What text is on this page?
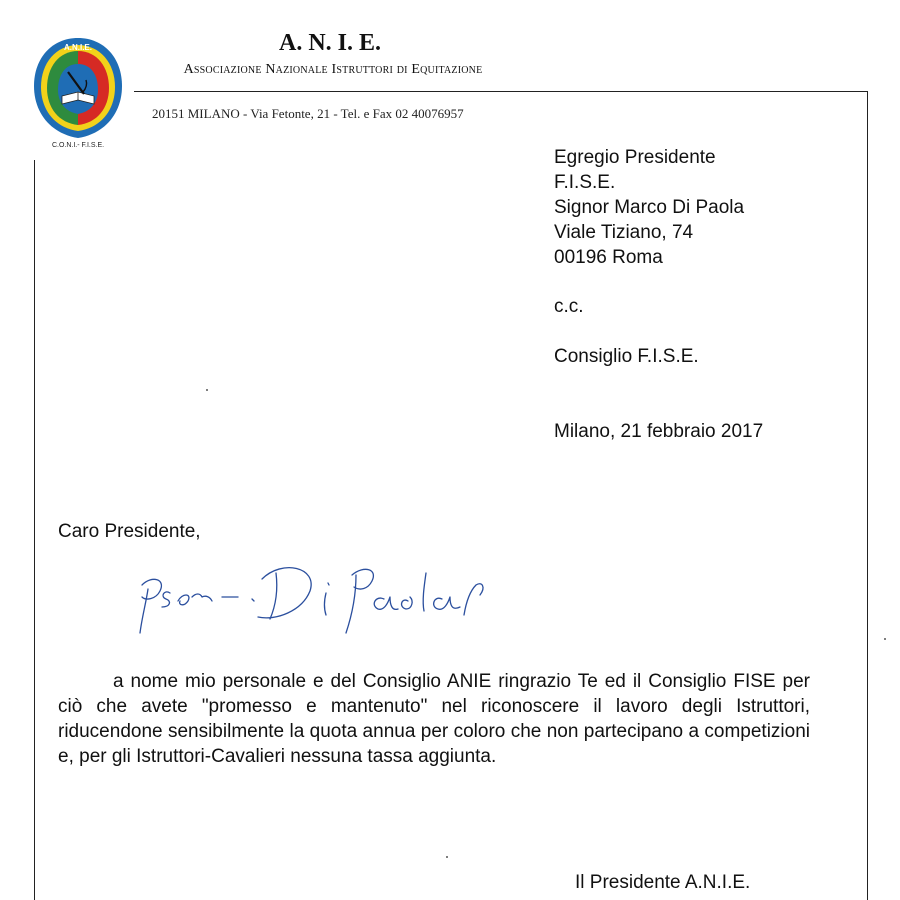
A.N.I.E.
C.O.N.I.- F.I.S.E.
A. N. I. E.
Associazione Nazionale Istruttori di Equitazione
20151 MILANO - Via Fetonte, 21 - Tel. e Fax 02 40076957
Egregio Presidente
F.I.S.E.
Signor Marco Di Paola
Viale Tiziano, 74
00196 Roma
c.c.
Consiglio F.I.S.E.
Milano, 21 febbraio 2017
Caro Presidente,

a nome mio personale e del Consiglio ANIE ringrazio Te ed il Consiglio FISE per ciò che avete "promesso e mantenuto" nel riconoscere il lavoro degli Istruttori, riducendone sensibilmente la quota annua per coloro che non partecipano a competizioni e, per gli Istruttori-Cavalieri nessuna tassa aggiunta.

Il Presidente A.N.I.E.
